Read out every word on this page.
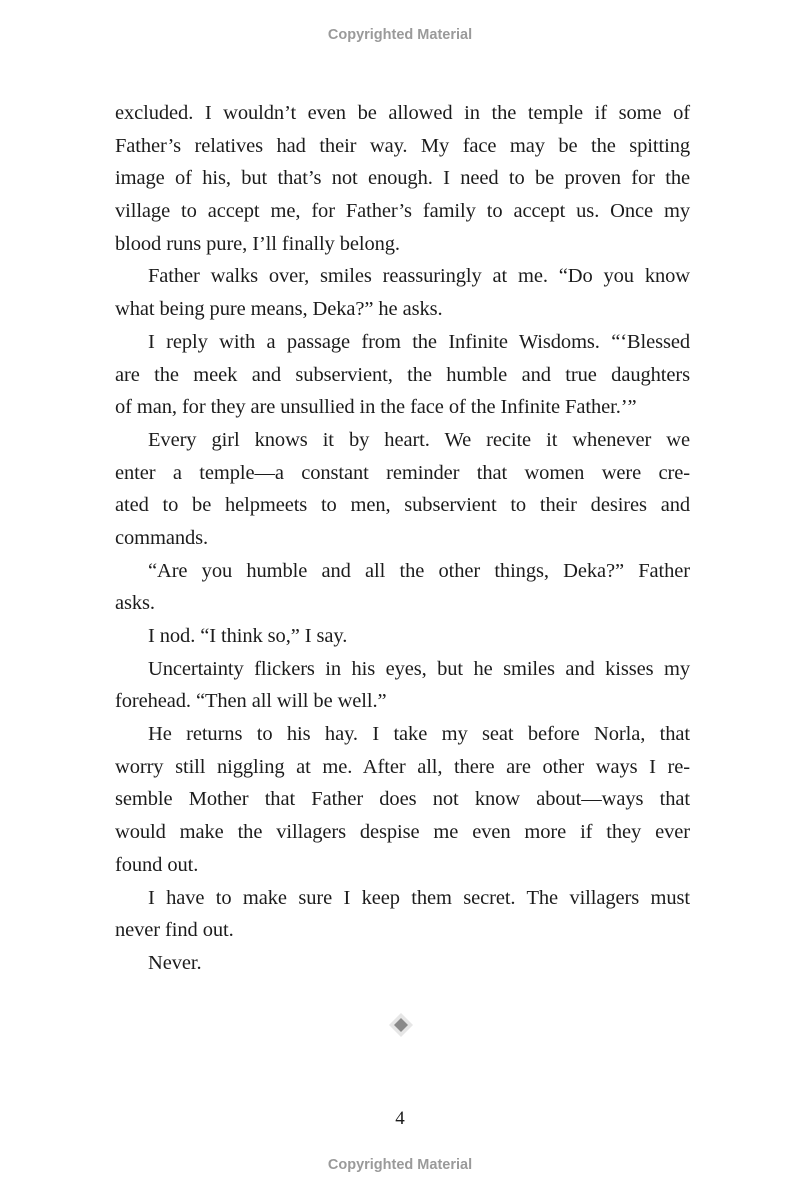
Copyrighted Material
excluded. I wouldn’t even be allowed in the temple if some of
Father’s relatives had their way. My face may be the spitting
image of his, but that’s not enough. I need to be proven for the
village to accept me, for Father’s family to accept us. Once my
blood runs pure, I’ll finally belong.
Father walks over, smiles reassuringly at me. “Do you know
what being pure means, Deka?” he asks.
I reply with a passage from the Infinite Wisdoms. “‘Blessed
are the meek and subservient, the humble and true daughters
of man, for they are unsullied in the face of the Infinite Father.’”
Every girl knows it by heart. We recite it whenever we
enter a temple—a constant reminder that women were cre-
ated to be helpmeets to men, subservient to their desires and
commands.
“Are you humble and all the other things, Deka?” Father
asks.
I nod. “I think so,” I say.
Uncertainty flickers in his eyes, but he smiles and kisses my
forehead. “Then all will be well.”
He returns to his hay. I take my seat before Norla, that
worry still niggling at me. After all, there are other ways I re-
semble Mother that Father does not know about—ways that
would make the villagers despise me even more if they ever
found out.
I have to make sure I keep them secret. The villagers must
never find out.
Never.
4
Copyrighted Material
